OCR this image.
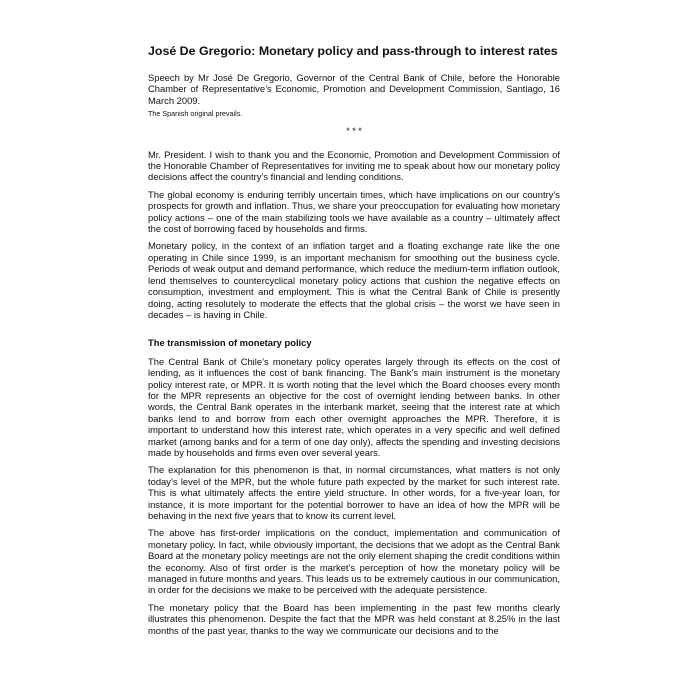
José De Gregorio: Monetary policy and pass-through to interest rates
Speech by Mr José De Gregorio, Governor of the Central Bank of Chile, before the Honorable Chamber of Representative’s Economic, Promotion and Development Commission, Santiago, 16 March 2009.
The Spanish original prevails.
* * *
Mr. President. I wish to thank you and the Economic, Promotion and Development Commission of the Honorable Chamber of Representatives for inviting me to speak about how our monetary policy decisions affect the country’s financial and lending conditions.
The global economy is enduring terribly uncertain times, which have implications on our country’s prospects for growth and inflation. Thus, we share your preoccupation for evaluating how monetary policy actions – one of the main stabilizing tools we have available as a country – ultimately affect the cost of borrowing faced by households and firms.
Monetary policy, in the context of an inflation target and a floating exchange rate like the one operating in Chile since 1999, is an important mechanism for smoothing out the business cycle. Periods of weak output and demand performance, which reduce the medium-term inflation outlook, lend themselves to countercyclical monetary policy actions that cushion the negative effects on consumption, investment and employment. This is what the Central Bank of Chile is presently doing, acting resolutely to moderate the effects that the global crisis – the worst we have seen in decades – is having in Chile.
The transmission of monetary policy
The Central Bank of Chile’s monetary policy operates largely through its effects on the cost of lending, as it influences the cost of bank financing. The Bank’s main instrument is the monetary policy interest rate, or MPR. It is worth noting that the level which the Board chooses every month for the MPR represents an objective for the cost of overnight lending between banks. In other words, the Central Bank operates in the interbank market, seeing that the interest rate at which banks lend to and borrow from each other overnight approaches the MPR. Therefore, it is important to understand how this interest rate, which operates in a very specific and well defined market (among banks and for a term of one day only), affects the spending and investing decisions made by households and firms even over several years.
The explanation for this phenomenon is that, in normal circumstances, what matters is not only today’s level of the MPR, but the whole future path expected by the market for such interest rate. This is what ultimately affects the entire yield structure. In other words, for a five-year loan, for instance, it is more important for the potential borrower to have an idea of how the MPR will be behaving in the next five years that to know its current level.
The above has first-order implications on the conduct, implementation and communication of monetary policy. In fact, while obviously important, the decisions that we adopt as the Central Bank Board at the monetary policy meetings are not the only element shaping the credit conditions within the economy. Also of first order is the market’s perception of how the monetary policy will be managed in future months and years. This leads us to be extremely cautious in our communication, in order for the decisions we make to be perceived with the adequate persistence.
The monetary policy that the Board has been implementing in the past few months clearly illustrates this phenomenon. Despite the fact that the MPR was held constant at 8.25% in the last months of the past year, thanks to the way we communicate our decisions and to the
